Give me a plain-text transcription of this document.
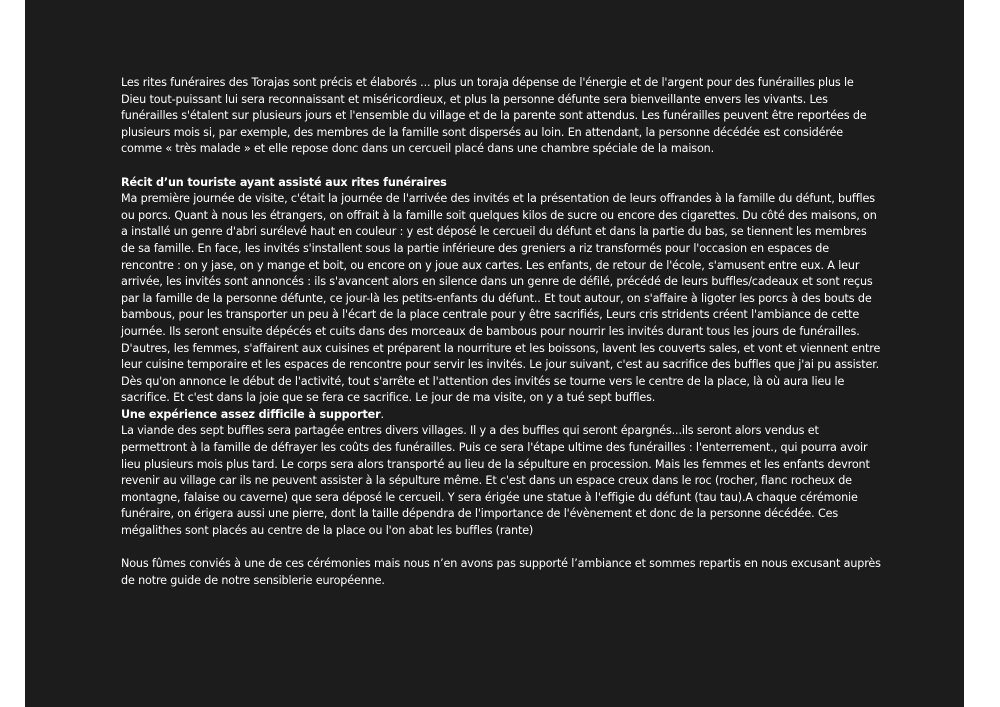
Les rites funéraires des Torajas sont précis et élaborés ... plus un toraja dépense de l'énergie et de l'argent pour des funérailles plus le Dieu tout-puissant lui sera reconnaissant et miséricordieux, et plus la personne défunte sera bienveillante envers les vivants. Les funérailles s'étalent sur plusieurs jours et l'ensemble du village et de la parente sont attendus. Les funérailles peuvent être reportées de plusieurs mois si, par exemple, des membres de la famille sont dispersés au loin. En attendant, la personne décédée est considérée comme « très malade » et elle repose donc dans un cercueil placé dans une chambre spéciale de la maison.

Récit d’un touriste ayant assisté aux rites funéraires

Ma première journée de visite, c'était la journée de l'arrivée des invités et la présentation de leurs offrandes à la famille du défunt, buffles ou porcs. Quant à nous les étrangers, on offrait à la famille soit quelques kilos de sucre ou encore des cigarettes. Du côté des maisons, on a installé un genre d'abri surélevé haut en couleur : y est déposé le cercueil du défunt et dans la partie du bas, se tiennent les membres de sa famille. En face, les invités s'installent sous la partie inférieure des greniers a riz transformés pour l'occasion en espaces de rencontre : on y jase, on y mange et boit, ou encore on y joue aux cartes. Les enfants, de retour de l'école, s'amusent entre eux. A leur arrivée, les invités sont annoncés : ils s'avancent alors en silence dans un genre de défilé, précédé de leurs buffles/cadeaux et sont reçus par la famille de la personne défunte, ce jour-là les petits-enfants du défunt.. Et tout autour, on s'affaire à ligoter les porcs à des bouts de bambous, pour les transporter un peu à l'écart de la place centrale pour y être sacrifiés, Leurs cris stridents créent l'ambiance de cette journée. Ils seront ensuite dépécés et cuits dans des morceaux de bambous pour nourrir les invités durant tous les jours de funérailles. D'autres, les femmes, s'affairent aux cuisines et préparent la nourriture et les boissons, lavent les couverts sales, et vont et viennent entre leur cuisine temporaire et les espaces de rencontre pour servir les invités. Le jour suivant, c'est au sacrifice des buffles que j'ai pu assister. Dès qu'on annonce le début de l'activité, tout s'arrête et l'attention des invités se tourne vers le centre de la place, là où aura lieu le sacrifice. Et c'est dans la joie que se fera ce sacrifice. Le jour de ma visite, on y a tué sept buffles.

Une expérience assez difficile à supporter.

La viande des sept buffles sera partagée entres divers villages. Il y a des buffles qui seront épargnés...ils seront alors vendus et permettront à la famille de défrayer les coûts des funérailles. Puis ce sera l'étape ultime des funérailles : l'enterrement., qui pourra avoir lieu plusieurs mois plus tard. Le corps sera alors transporté au lieu de la sépulture en procession. Mais les femmes et les enfants devront revenir au village car ils ne peuvent assister à la sépulture même. Et c'est dans un espace creux dans le roc (rocher, flanc rocheux de montagne, falaise ou caverne) que sera déposé le cercueil. Y sera érigée une statue à l'effigie du défunt (tau tau).A chaque cérémonie funéraire, on érigera aussi une pierre, dont la taille dépendra de l'importance de l'évènement et donc de la personne décédée. Ces mégalithes sont placés au centre de la place ou l'on abat les buffles (rante)

Nous fûmes conviés à une de ces cérémonies mais nous n’en avons pas supporté l’ambiance et sommes repartis en nous excusant auprès de notre guide de notre sensiblerie européenne.
